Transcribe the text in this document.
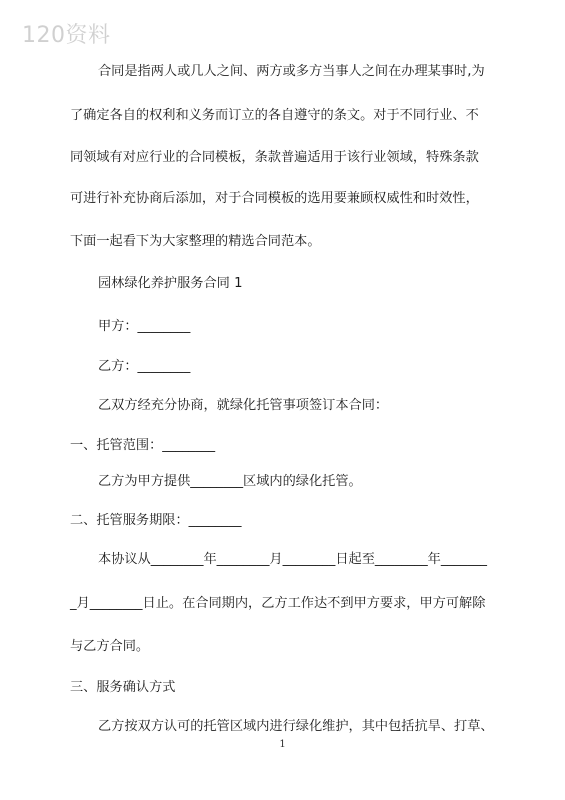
120资料
合同是指两人或几人之间、两方或多方当事人之间在办理某事时,为
了确定各自的权利和义务而订立的各自遵守的条文。对于不同行业、不
同领域有对应行业的合同模板，条款普遍适用于该行业领域，特殊条款
可进行补充协商后添加，对于合同模板的选用要兼顾权威性和时效性，
下面一起看下为大家整理的精选合同范本。
园林绿化养护服务合同 1
甲方：________
乙方：________
乙双方经充分协商，就绿化托管事项签订本合同：
一、托管范围：________
乙方为甲方提供________区域内的绿化托管。
二、托管服务期限：________
本协议从________年________月________日起至________年_______
_月________日止。在合同期内，乙方工作达不到甲方要求，甲方可解除
与乙方合同。
三、服务确认方式
乙方按双方认可的托管区域内进行绿化维护，其中包括抗旱、打草、
1
